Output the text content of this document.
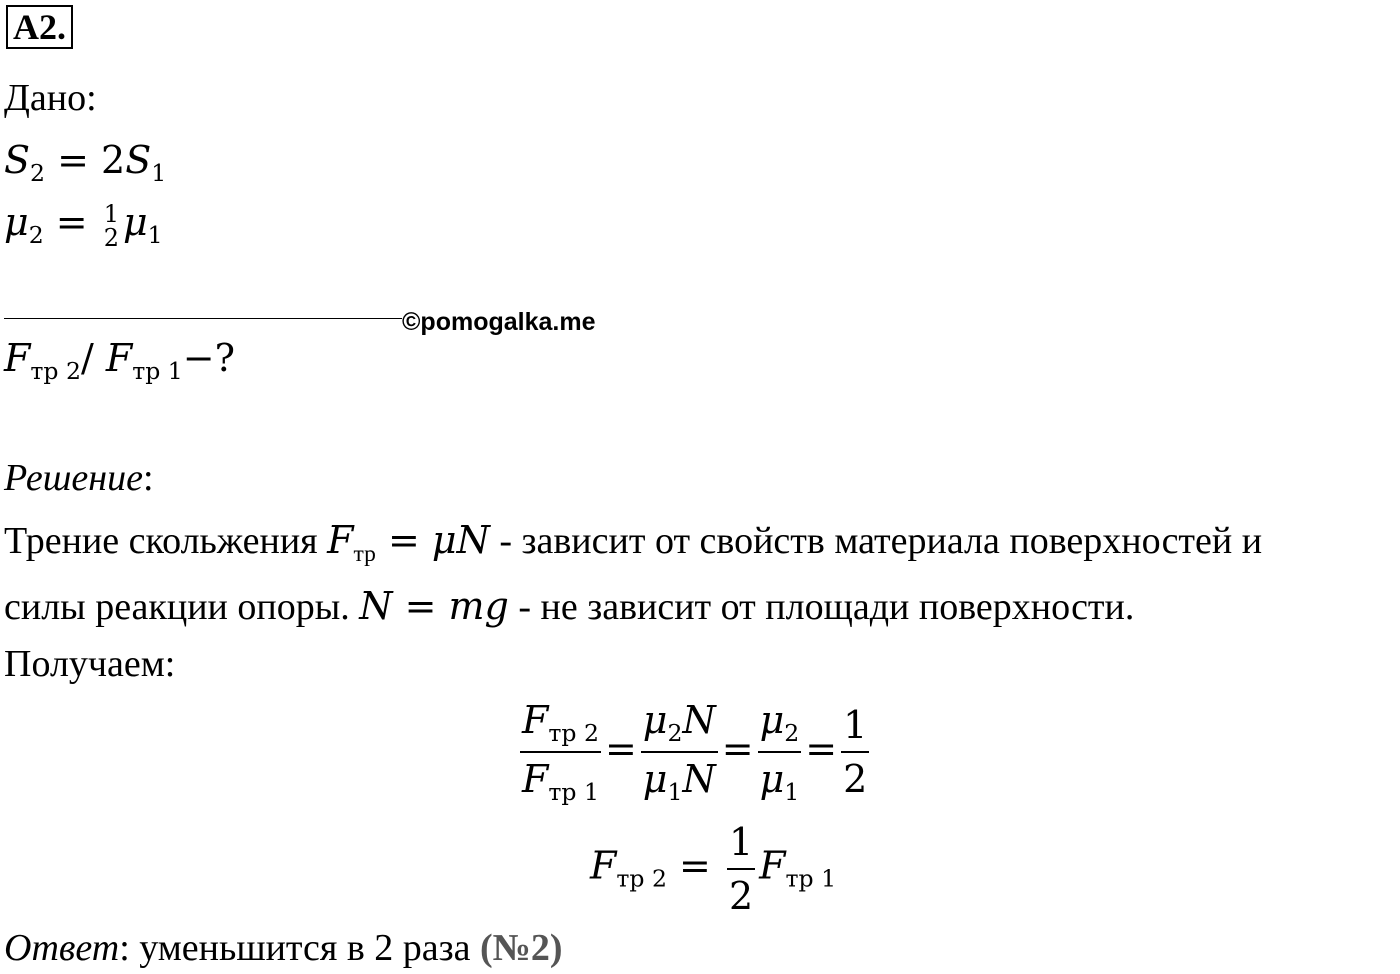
A2.
Дано:
$S_2 = 2S_1$
$\mu_2 = 1$
2 $\mu_1$
©pomogalka.me
$F_{тр 2}/$ $F_{тр 1}-$?
Решение:
Трение скольжения $F_{тр} = \mu N$ - зависит от свойств материала поверхностей и
силы реакции опоры. N = mg - не зависит от площади поверхности.
Получаем:
$\frac{F_{тр 2}}{F_{тр 1}} = \frac{\mu_2N}{\mu_1N} = \frac{\mu_2}{\mu_1} = \frac{1}{2}$
$F_{тр 2} = \frac{1}{2} F_{тр 1}$
Ответ: уменьшится в 2 раза (№2)
